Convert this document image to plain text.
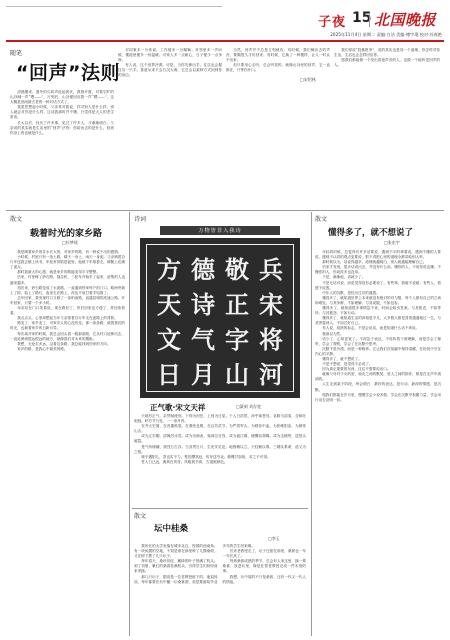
子夜 15 北国晚报
2025年11月4日 星期二 责编·白洁 美编·傅宇琨 校对·苏春艳
随笔
“回声”法则	□宋绍林

清晨醒来，窗外的鸟鸣声此起彼伏，我推开窗，对着空旷的山谷喊一声“喂——”，片刻后，山谷便回应我一声“喂——”，这大概是世间最古老的一种对话方式了。

我忽然想起小时候，父亲常对我说，你对别人是什么样，别人就会对你是什么样，这话我那时并不懂，只觉得是大人的老生常谈。

长大以后，经历了许多事，见过了许多人，才渐渐明白，父亲说的其实就是生活里的“回声”法则：你给出去的是什么，回到你身上的也就是什么。

对同事多一分体谅，工作便多一分顺畅；对邻里多一声问候，楼道里便多一份温暖；对家人多一点耐心，日子便少一点争吵。

有人说，这个世界冷漠。可是，当你先伸出手，往往也会握住另一只手。善意从来不会石沉大海，它总会以某种方式回到你的身边。

当然，回声并不总是立刻就有。有时候，我们喊出去的声音，要隔很久才传回来；有时候，它换了一种模样，让人一时认不出来。

但只要用心去听，总会听见的。就像山谷里的回声，它一直都在，只等你开口。

我们常说“投桃报李”，说的其实也是同一个道理。你怎样对待生活，生活也会怎样回应你。

愿我们都能做一个发出善意声音的人，也做一个能听见回声的人。

散文
载着时光的家乡路
□杜梦瑶

我是喝着家乡的井水长大的，对家乡的路，有一种说不出的感情。

小时候，村里只有一条土路，晴天一身土，雨天一身泥。父亲骑着自行车送我去镇上读书，车轮常常陷进泥里，他就下车推着走，裤腿上沾满了泥点。

那时我最大的心愿，就是家乡的路能变得平平整整。

后来，村里修了砂石路，拖拉机、三轮车开始多了起来，赶集的人也越来越多。

再后来，砂石路变成了水泥路，一直通到每家每户的门口。路两旁栽上了树，装上了路灯，夜里走在路上，再也不用打着手电筒了。

去年回家，我发现村口又修了一条柏油路，直通县城的高速公路。开车回家，只要一个多小时。

母亲站在门口笑着说，现在路好了，你们回来也方便了，常回来看看。

我点点头，心里却想起当年父亲推着自行车走在泥路上的背影。

路变了，家乡变了，可家乡人的心没有变。那一条条路，载着我们的时光，也载着家乡的日新月异。

每次离开家的时候，我总会回头看一眼那条路，它从村口延伸出去，一直延伸到很远很远的地方，就像我们对未来的期盼。

我想，无论走多远，沿着这条路，我总能找到回家的方向。

家乡的路，是我心中最美的路。

诗词
万物皆非入我诗
方 德 敬 兵
天 诗 正 宋
文 气 字 将
日 月 山 河
正气歌·宋文天祥	□篆刻 刘存宽

天地有正气，杂然赋流形。下则为河岳，上则为日星。于人曰浩然，沛乎塞苍冥。皇路当清夷，含和吐明庭。时穷节乃见，一一垂丹青。

在齐太史简，在晋董狐笔。在秦张良椎，在汉苏武节。为严将军头，为嵇侍中血。为张睢阳齿，为颜常山舌。

或为辽东帽，清操厉冰雪。或为出师表，鬼神泣壮烈。或为渡江楫，慷慨吞胡羯。或为击贼笏，逆竖头破裂。

是气所磅礴，凛烈万古存。当其贯日月，生死安足论。地维赖以立，天柱赖以尊。三纲实系命，道义为之根。

嗟予遘阳九，隶也实不力。楚囚缨其冠，传车送穷北。鼎镬甘如饴，求之不可得。

哲人日已远，典刑在夙昔。风檐展书读，古道照颜色。

散文
坛中桂桑
□李玉

我所在的大学坐落在城市北边，校园的西南角，有一块闲置的空地，不知是谁在那里种了几棵桑树，又在树下摆了几只坛子。

每年春天，桑叶初绽，嫩绿的叶子挤满了枝头。到了初夏，紫红的桑葚挂满枝头，引得学生们纷纷前来采摘。

那几只坛子，据说是一位老教授留下的。他退休前，每年都要在坛中酿一坛桑葚酒，说是要留给毕业多年的学生回来喝。

后来老教授走了，坛子还留在那里，桑树也一年一年长高了。

每到桑葚成熟的季节，总会有人来这里，摘一捧桑葚，放进坛里，像是在替老教授完成一件未竟的事。

我想，坛中装的不只是桑葚，还有一代又一代人的情谊。

散文
懂得多了，就不想说了
□张宏宇

年轻的时候，总觉得有许多话要说，遇到不平的事要说，遇到不懂的人要说，遇到不认同的观点更要说，恨不得把心里的道理全都讲给别人听。

那时候以为，话说得越多，道理就越明白，别人就越能理解自己。

后来才发现，很多话说出去，并没有什么用。懂你的人，不用你说也懂；不懂你的人，你说再多也没用。

于是，渐渐地，话就少了。

不是无话可说，而是觉得没有必要说了。有些事，看破不说破；有些人，看透不说透。

中年人的沉默，是经历过后的通透。

懂得多了，就知道世界上本来就没有绝对的对与错，每个人都有自己的立场和难处。与其争辩，不如理解；与其说服，不如包容。

懂得多了，就知道很多事情急不来，时间会给出答案。与其焦虑，不如等待；与其抱怨，不如行动。

懂得多了，就知道生活的真相是平凡，大多数人都是普普通通地过一生。与其羡慕别人，不如过好自己。

有人说，成熟的标志，不是会说话，而是知道什么话不该说。

我深以为然。

话少了，心却更宽了。不再急于表达，不再执着于被理解，而是学会了倾听，学会了观察，学会了在沉默中思考。

沉默不是冷漠，而是一种修养。它让我们在喧嚣中保持清醒，在纷扰中守住内心的平静。

懂得多了，就不想说了。

不是不想说，是觉得不必说了。

因为真正重要的东西，往往不需要说出口。

就像父母对子女的爱，朋友之间的默契，爱人之间的陪伴，都是在无声中流淌的。

人生走到某个阶段，终会明白：最好的表达，是行动；最深的情感，是沉默。

愿我们都能在岁月里，慢慢学会少说多做，学会在沉默中积蓄力量，学会用行动去证明一切。
